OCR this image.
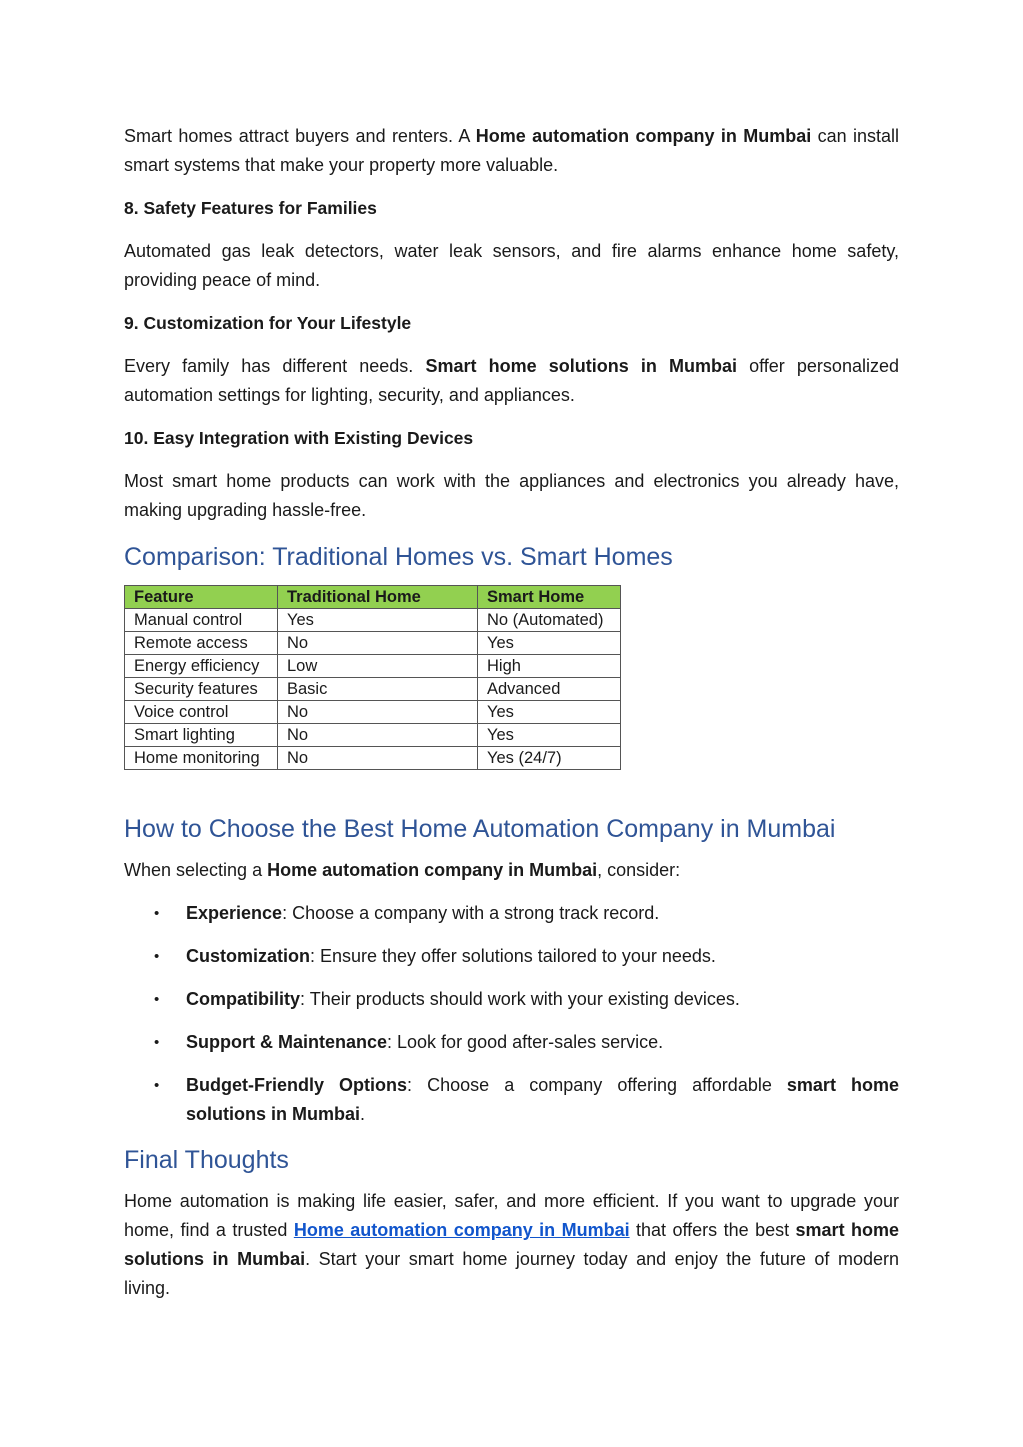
Smart homes attract buyers and renters. A Home automation company in Mumbai can install smart systems that make your property more valuable.

8. Safety Features for Families

Automated gas leak detectors, water leak sensors, and fire alarms enhance home safety, providing peace of mind.

9. Customization for Your Lifestyle

Every family has different needs. Smart home solutions in Mumbai offer personalized automation settings for lighting, security, and appliances.

10. Easy Integration with Existing Devices

Most smart home products can work with the appliances and electronics you already have, making upgrading hassle-free.

Comparison: Traditional Homes vs. Smart Homes
Feature	Traditional Home	Smart Home
Manual control	Yes	No (Automated)
Remote access	No	Yes
Energy efficiency	Low	High
Security features	Basic	Advanced
Voice control	No	Yes
Smart lighting	No	Yes
Home monitoring	No	Yes (24/7)
How to Choose the Best Home Automation Company in Mumbai

When selecting a Home automation company in Mumbai, consider:

• Experience: Choose a company with a strong track record.
• Customization: Ensure they offer solutions tailored to your needs.
• Compatibility: Their products should work with your existing devices.
• Support & Maintenance: Look for good after-sales service.
• Budget-Friendly Options: Choose a company offering affordable smart home solutions in Mumbai.
Final Thoughts

Home automation is making life easier, safer, and more efficient. If you want to upgrade your home, find a trusted Home automation company in Mumbai that offers the best smart home solutions in Mumbai. Start your smart home journey today and enjoy the future of modern living.
